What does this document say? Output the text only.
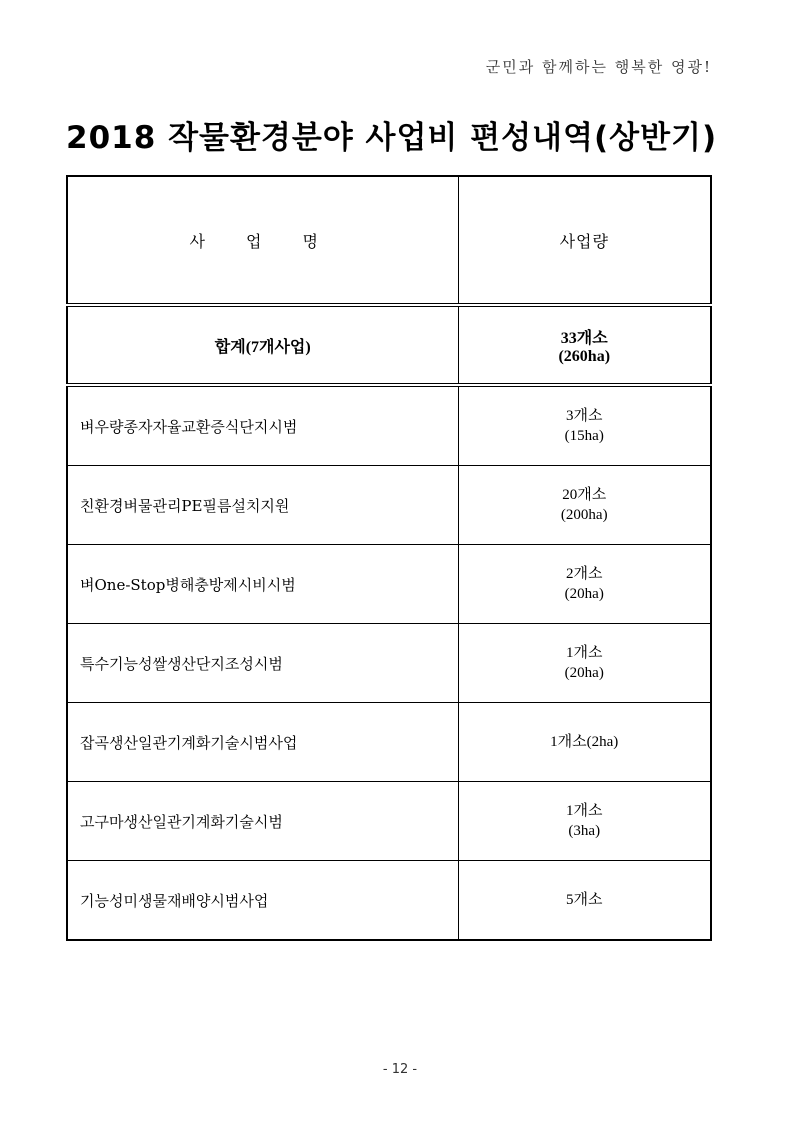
군민과 함께하는 행복한 영광!
2018 작물환경분야 사업비 편성내역(상반기)
사 업 명	사업량
합계(7개사업)	33개소
(260ha)

벼우량종자자율교환증식단지시범	3개소
(15ha)

친환경벼물관리PE필름설치지원	20개소
(200ha)

벼One-Stop병해충방제시비시범	2개소
(20ha)

특수기능성쌀생산단지조성시범	1개소
(20ha)

잡곡생산일관기계화기술시범사업	1개소(2ha)

고구마생산일관기계화기술시범	1개소
(3ha)

기능성미생물재배양시범사업	5개소
- 12 -
